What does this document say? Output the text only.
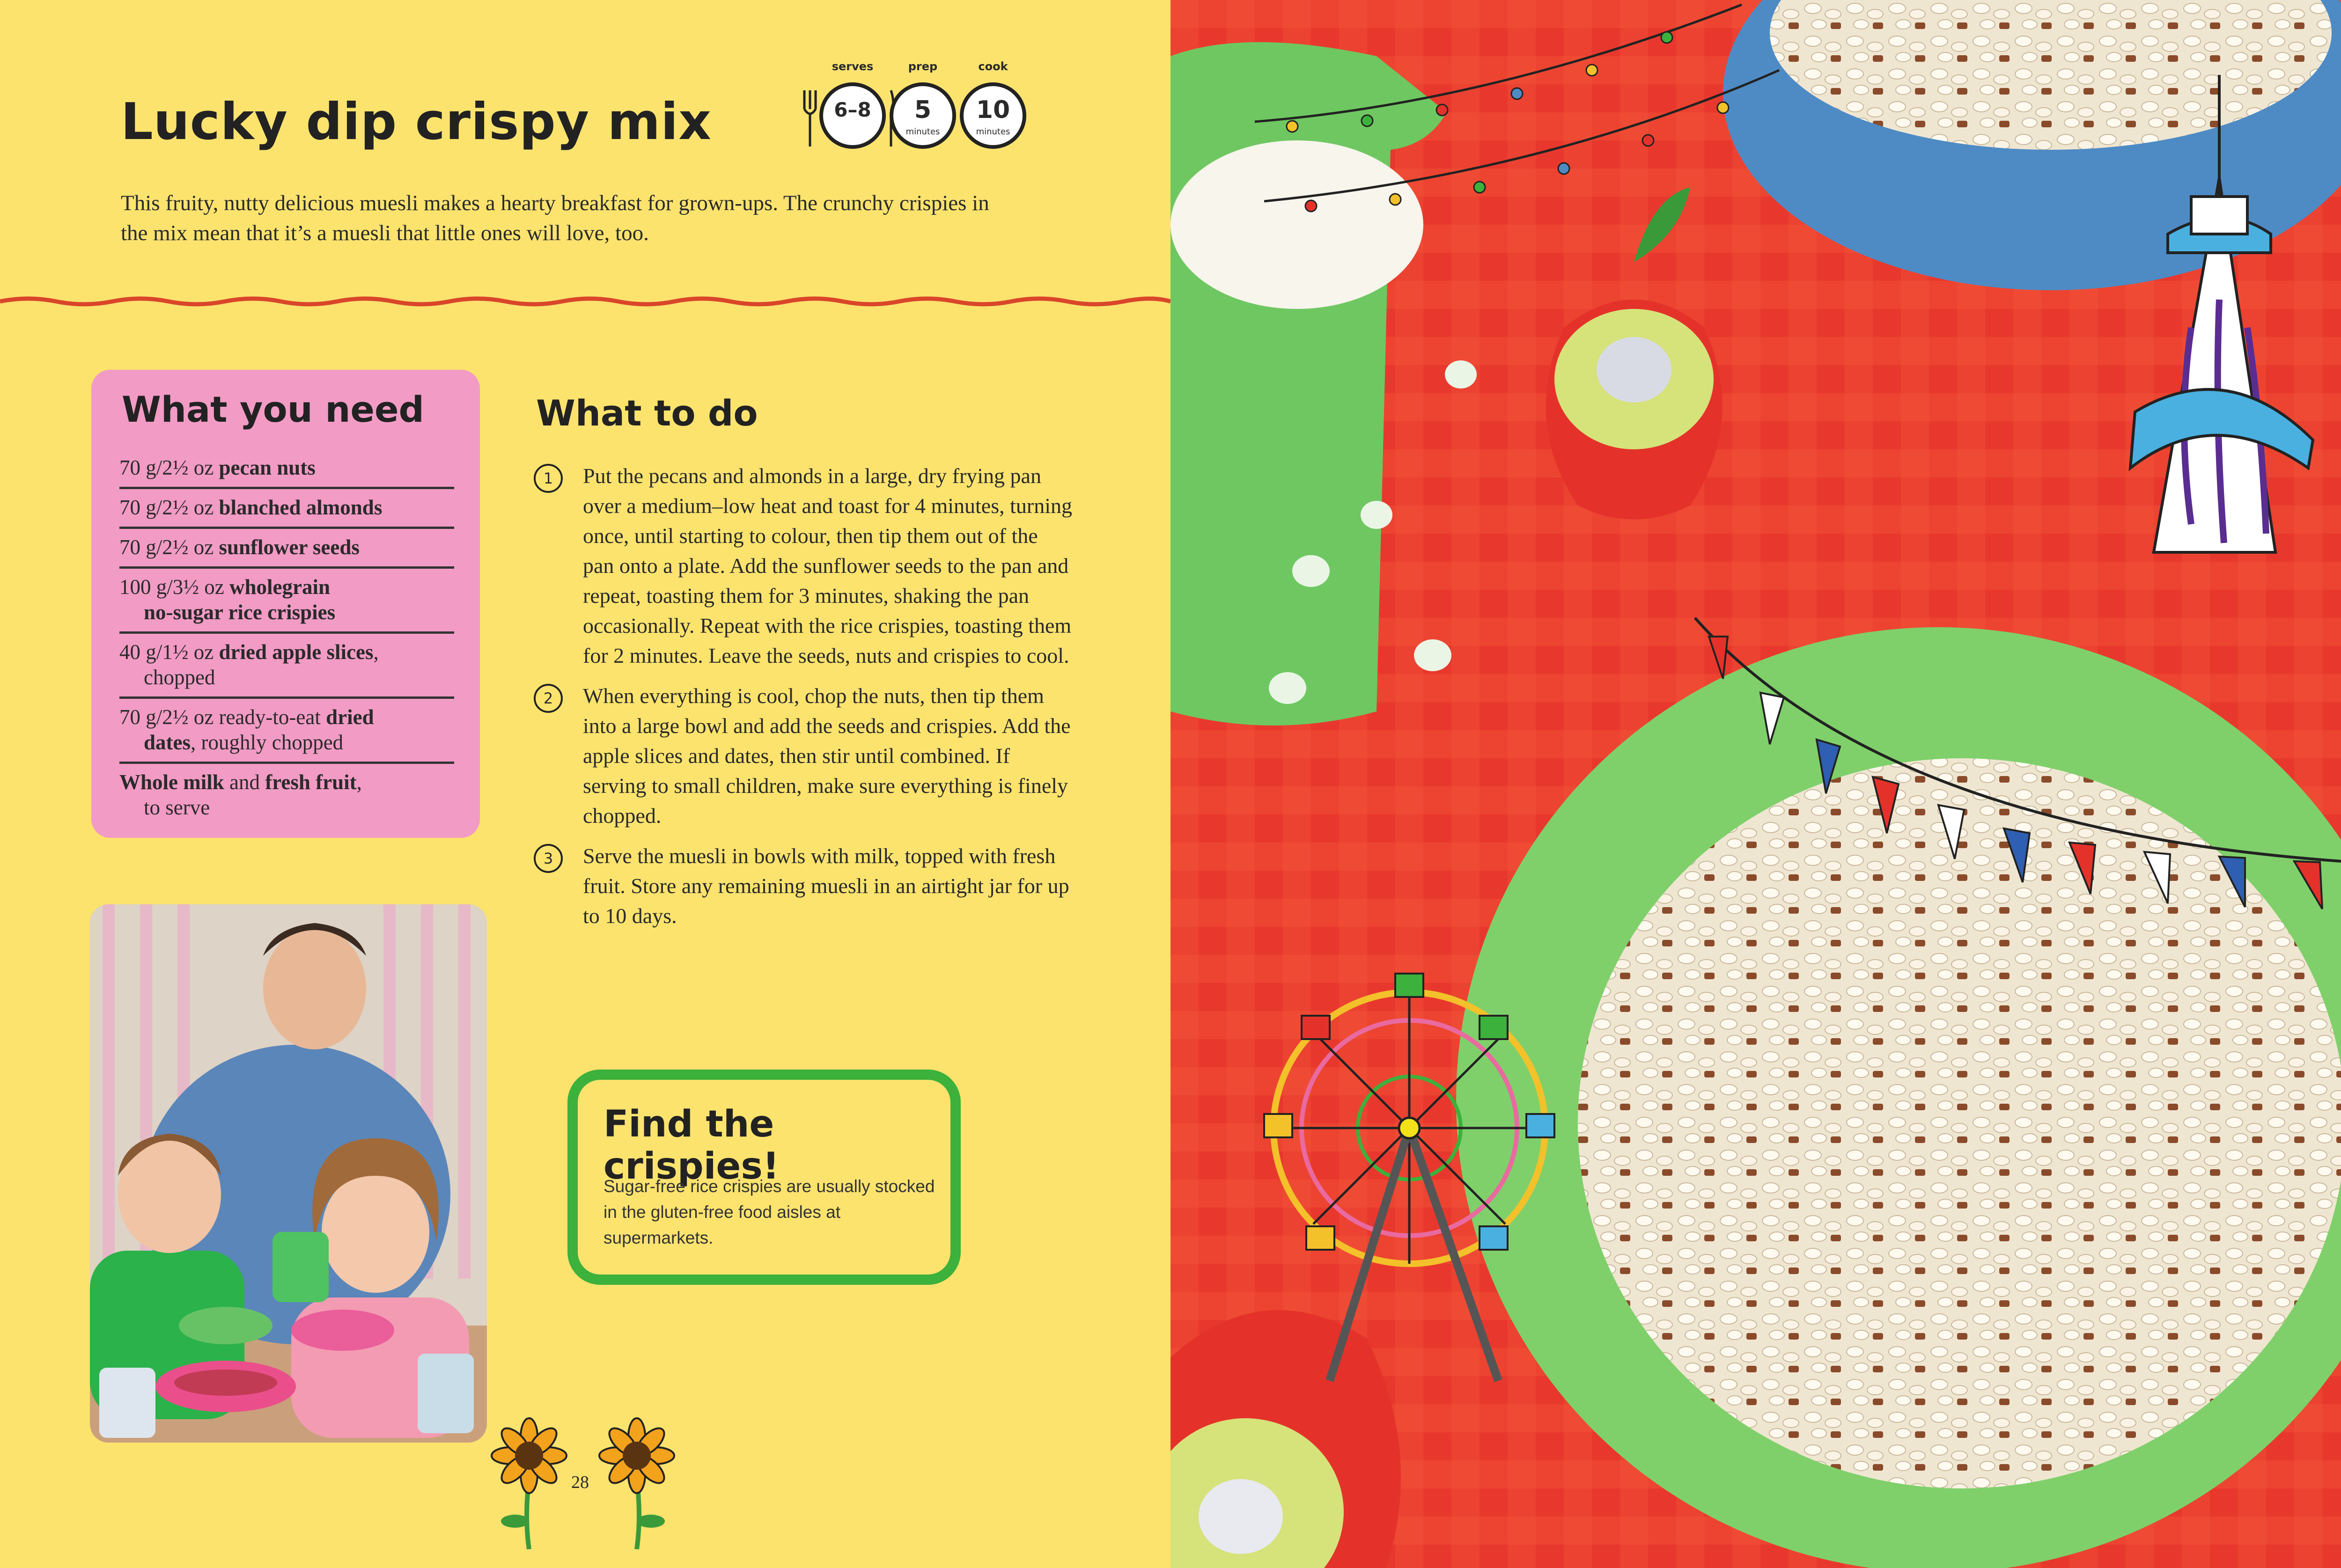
Lucky dip crispy mix
serves	prep	cook
6–8	5
minutes
10
minutes

This fruity, nutty delicious muesli makes a hearty breakfast for grown-ups. The crunchy crispies in the mix mean that it’s a muesli that little ones will love, too.

What you need
70 g/2½ oz pecan nuts
70 g/2½ oz blanched almonds
70 g/2½ oz sunflower seeds
100 g/3½ oz wholegrain
no-sugar rice crispies
40 g/1½ oz dried apple slices,
chopped
70 g/2½ oz ready-to-eat dried
dates, roughly chopped
Whole milk and fresh fruit,
to serve
What to do
1	Put the pecans and almonds in a large, dry frying pan over a medium–low heat and toast for 4 minutes, turning once, until starting to colour, then tip them out of the pan onto a plate. Add the sunflower seeds to the pan and repeat, toasting them for 3 minutes, shaking the pan occasionally. Repeat with the rice crispies, toasting them for 2 minutes. Leave the seeds, nuts and crispies to cool.
2	When everything is cool, chop the nuts, then tip them into a large bowl and add the seeds and crispies. Add the apple slices and dates, then stir until combined. If serving to small children, make sure everything is finely chopped.
3	Serve the muesli in bowls with milk, topped with fresh fruit. Store any remaining muesli in an airtight jar for up to 10 days.
Find the crispies!

Sugar-free rice crispies are usually stocked in the gluten-free food aisles at supermarkets.

28
